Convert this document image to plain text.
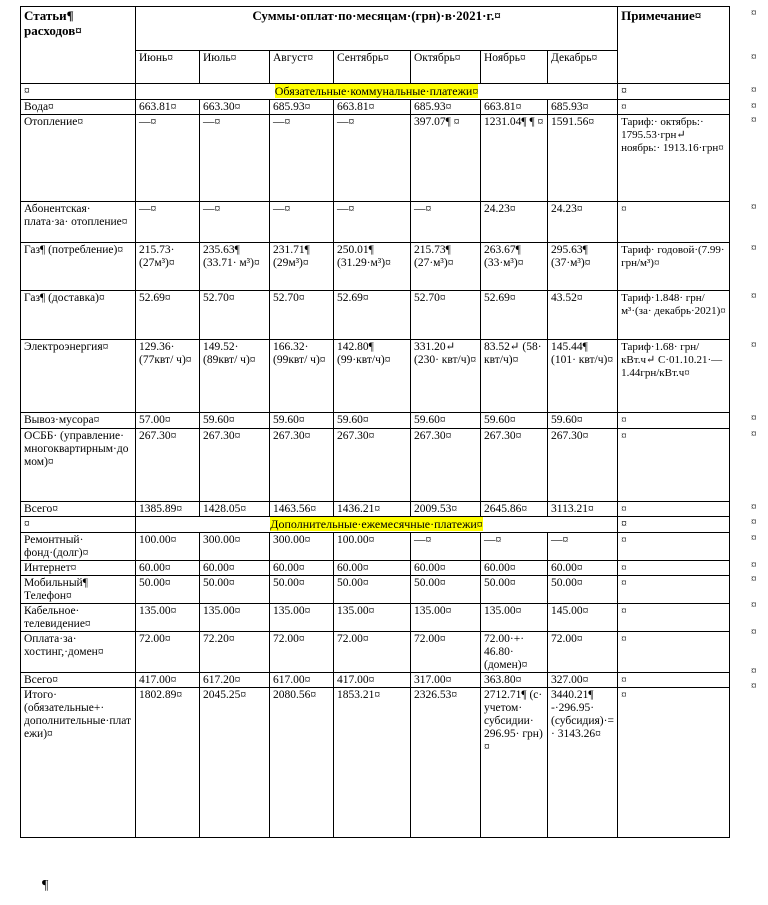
Статьи¶ расходов¤	Суммы·оплат·по·месяцам·(грн)·в·2021·г.¤							Примечание¤
	Июнь¤	Июль¤	Август¤	Сентябрь¤	Октябрь¤	Ноябрь¤	Декабрь¤	
¤	Обязательные·коммунальные·платежи¤							¤
Вода¤	663.81¤	663.30¤	685.93¤	663.81¤	685.93¤	663.81¤	685.93¤	¤
Отопление¤	—¤	—¤	—¤	—¤	397.07¶ ¤	1231.04¶ ¶ ¤	1591.56¤	Тариф:· октябрь:· 1795.53·грн↵ ноябрь:· 1913.16·грн¤
Абонентская· плата·за· отопление¤	—¤	—¤	—¤	—¤	—¤	24.23¤	24.23¤	¤
Газ¶ (потребление)¤	215.73· (27м³)¤	235.63¶ (33.71· м³)¤	231.71¶ (29м³)¤	250.01¶ (31.29·м³)¤	215.73¶ (27·м³)¤	263.67¶ (33·м³)¤	295.63¶ (37·м³)¤	Тариф· годовой·(7.99· грн/м³)¤
Газ¶ (доставка)¤	52.69¤	52.70¤	52.70¤	52.69¤	52.70¤	52.69¤	43.52¤	Тариф·1.848· грн/м³·(за· декабрь·2021)¤
Электроэнергия¤	129.36· (77квт/ ч)¤	149.52· (89квт/ ч)¤	166.32· (99квт/ ч)¤	142.80¶ (99·квт/ч)¤	331.20↵ (230· квт/ч)¤	83.52↵ (58· квт/ч)¤	145.44¶ (101· квт/ч)¤	Тариф·1.68· грн/кВт.ч↵ С·01.10.21·— 1.44грн/кВт.ч¤
Вывоз·мусора¤	57.00¤	59.60¤	59.60¤	59.60¤	59.60¤	59.60¤	59.60¤	¤
ОСББ· (управление· многоквартирным·домом)¤	267.30¤	267.30¤	267.30¤	267.30¤	267.30¤	267.30¤	267.30¤	¤
Всего¤	1385.89¤	1428.05¤	1463.56¤	1436.21¤	2009.53¤	2645.86¤	3113.21¤	¤
¤	Дополнительные·ежемесячные·платежи¤							¤
Ремонтный· фонд·(долг)¤	100.00¤	300.00¤	300.00¤	100.00¤	—¤	—¤	—¤	¤
Интернет¤	60.00¤	60.00¤	60.00¤	60.00¤	60.00¤	60.00¤	60.00¤	¤
Мобильный¶ Телефон¤	50.00¤	50.00¤	50.00¤	50.00¤	50.00¤	50.00¤	50.00¤	¤
Кабельное· телевидение¤	135.00¤	135.00¤	135.00¤	135.00¤	135.00¤	135.00¤	145.00¤	¤
Оплата·за· хостинг,·домен¤	72.00¤	72.20¤	72.00¤	72.00¤	72.00¤	72.00·+· 46.80· (домен)¤	72.00¤	¤
Всего¤	417.00¤	617.20¤	617.00¤	417.00¤	317.00¤	363.80¤	327.00¤	¤
Итого· (обязательные+· дополнительные·платежи)¤	1802.89¤	2045.25¤	2080.56¤	1853.21¤	2326.53¤	2712.71¶ (с· учетом· субсидии· 296.95· грн)¤	3440.21¶ -·296.95· (субсидия)·=· 3143.26¤	¤
¶
¤
¤
¤
¤
¤
¤
¤
¤
¤
¤
¤
¤
¤
¤
¤
¤
¤
¤
¤
¤
